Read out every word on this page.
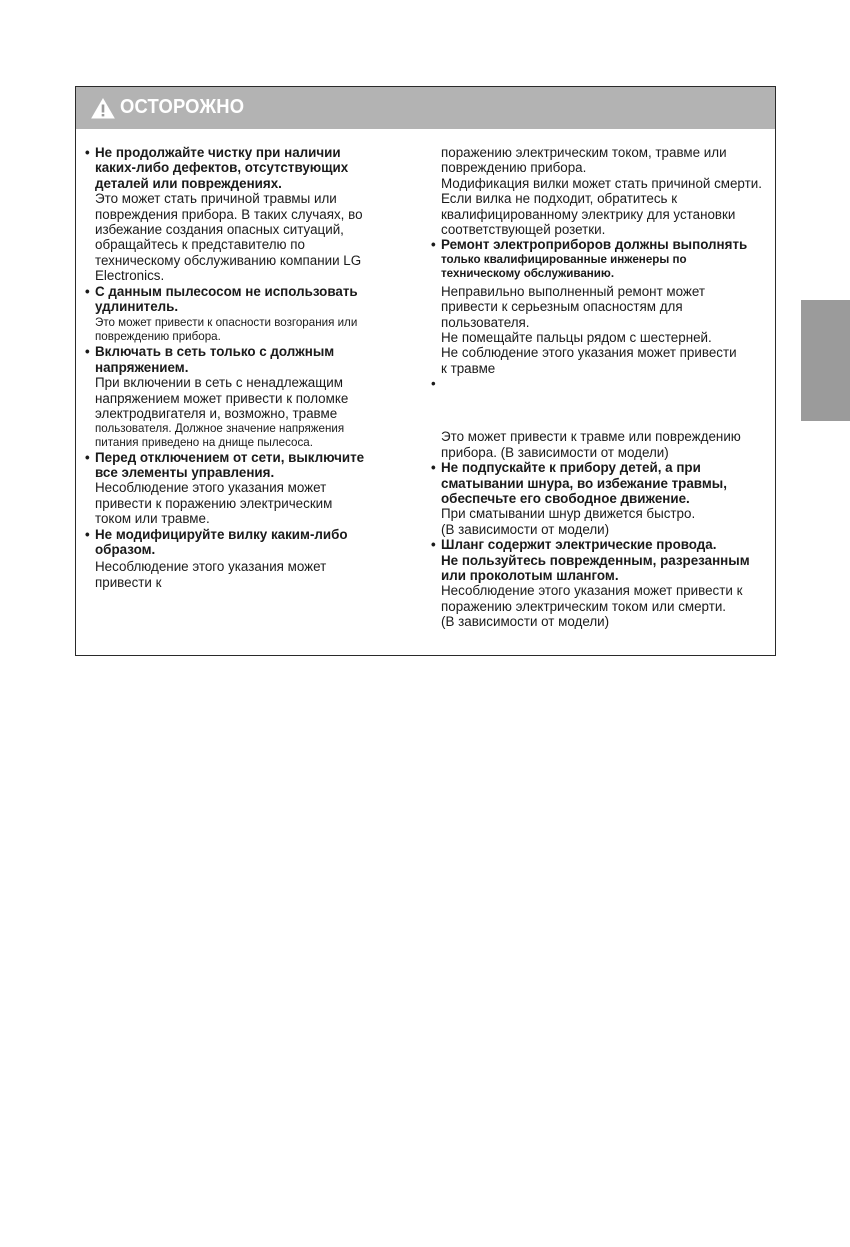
ОСТОРОЖНО
• Не продолжайте чистку при наличии
каких-либо дефектов, отсутствующих
деталей или повреждениях.
Это может стать причиной травмы или
повреждения прибора. В таких случаях, во
избежание создания опасных ситуаций,
обращайтесь к представителю по
техническому обслуживанию компании LG
Electronics.
• С данным пылесосом не использовать
удлинитель.
Это может привести к опасности возгорания или
повреждению прибора.
• Включать в сеть только с должным
напряжением.
При включении в сеть с ненадлежащим
напряжением может привести к поломке
электродвигателя и, возможно, травме
пользователя. Должное значение напряжения
питания приведено на днище пылесоса.
• Перед отключением от сети, выключите
все элементы управления.
Несоблюдение этого указания может
привести к поражению электрическим
током или травме.
• Не модифицируйте вилку каким-либо
образом.
Несоблюдение этого указания может
привести к
поражению электрическим током, травме или
повреждению прибора.
Модификация вилки может стать причиной смерти.
Если вилка не подходит, обратитесь к
квалифицированному электрику для установки
соответствующей розетки.
• Ремонт электроприборов должны выполнять
только квалифицированные инженеры по
техническому обслуживанию.
Неправильно выполненный ремонт может
привести к серьезным опасностям для
пользователя.
Не помещайте пальцы рядом с шестерней.
Не соблюдение этого указания может привести
к травме
•
Это может привести к травме или повреждению
прибора. (В зависимости от модели)
• Не подпускайте к прибору детей, а при
сматывании шнура, во избежание травмы,
обеспечьте его свободное движение.
При сматывании шнур движется быстро.
(В зависимости от модели)
• Шланг содержит электрические провода.
Не пользуйтесь поврежденным, разрезанным
или проколотым шлангом.
Несоблюдение этого указания может привести к
поражению электрическим током или смерти.
(В зависимости от модели)
